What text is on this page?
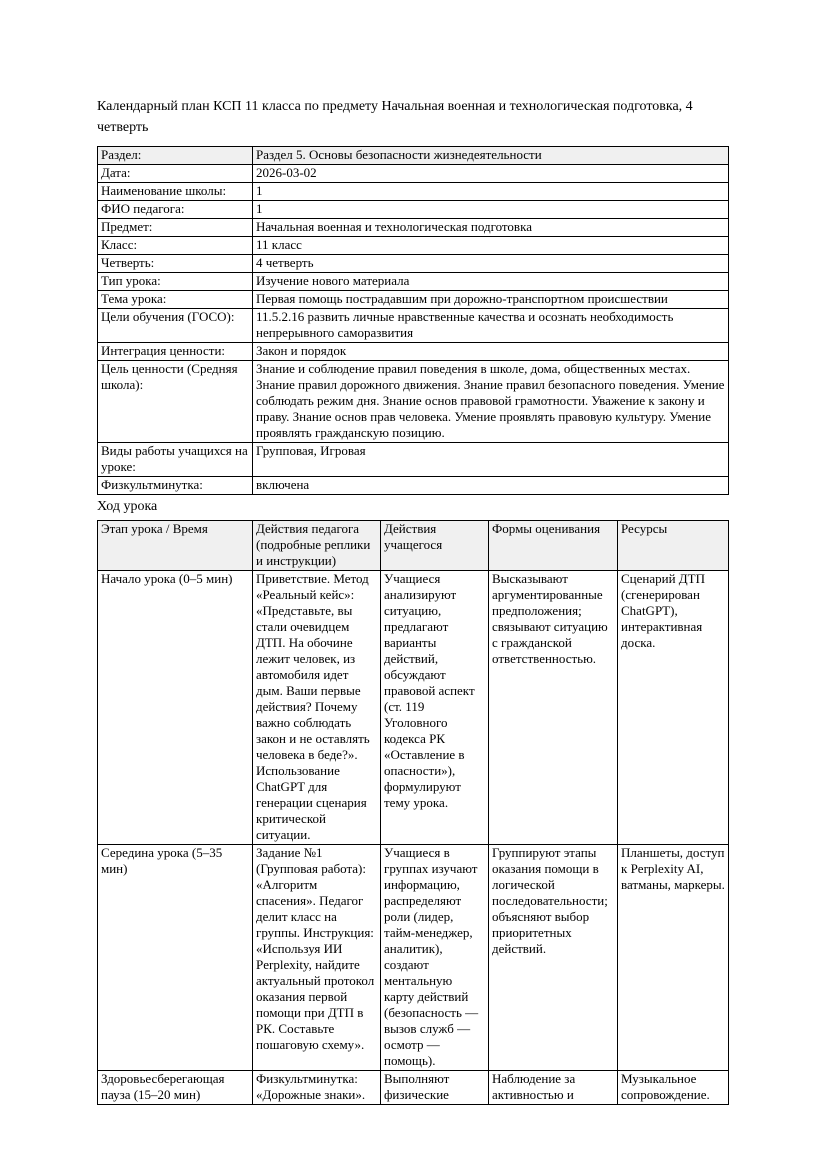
Календарный план КСП 11 класса по предмету Начальная военная и технологическая подготовка, 4 четверть

Раздел:	Раздел 5. Основы безопасности жизнедеятельности
Дата:	2026-03-02
Наименование школы:	1
ФИО педагога:	1
Предмет:	Начальная военная и технологическая подготовка
Класс:	11 класс
Четверть:	4 четверть
Тип урока:	Изучение нового материала
Тема урока:	Первая помощь пострадавшим при дорожно-транспортном происшествии
Цели обучения (ГОСО):	11.5.2.16 развить личные нравственные качества и осознать необходимость непрерывного саморазвития
Интеграция ценности:	Закон и порядок
Цель ценности (Средняя школа):	Знание и соблюдение правил поведения в школе, дома, общественных местах. Знание правил дорожного движения. Знание правил безопасного поведения. Умение соблюдать режим дня. Знание основ правовой грамотности. Уважение к закону и праву. Знание основ прав человека. Умение проявлять правовую культуру. Умение проявлять гражданскую позицию.
Виды работы учащихся на уроке:	Групповая, Игровая
Физкультминутка:	включена

Ход урока

Этап урока / Время	Действия педагога (подробные реплики и инструкции)	Действия учащегося	Формы оценивания	Ресурсы
Начало урока (0–5 мин)	Приветствие. Метод «Реальный кейс»: «Представьте, вы стали очевидцем ДТП. На обочине лежит человек, из автомобиля идет дым. Ваши первые действия? Почему важно соблюдать закон и не оставлять человека в беде?». Использование ChatGPT для генерации сценария критической ситуации.	Учащиеся анализируют ситуацию, предлагают варианты действий, обсуждают правовой аспект (ст. 119 Уголовного кодекса РК «Оставление в опасности»), формулируют тему урока.	Высказывают аргументированные предположения; связывают ситуацию с гражданской ответственностью.	Сценарий ДТП (сгенерирован ChatGPT), интерактивная доска.
Середина урока (5–35 мин)	Задание №1 (Групповая работа): «Алгоритм спасения». Педагог делит класс на группы. Инструкция: «Используя ИИ Perplexity, найдите актуальный протокол оказания первой помощи при ДТП в РК. Составьте пошаговую схему».	Учащиеся в группах изучают информацию, распределяют роли (лидер, тайм-менеджер, аналитик), создают ментальную карту действий (безопасность — вызов служб — осмотр — помощь).	Группируют этапы оказания помощи в логической последовательности; объясняют выбор приоритетных действий.	Планшеты, доступ к Perplexity AI, ватманы, маркеры.
Здоровьесберегающая пауза (15–20 мин)	Физкультминутка: «Дорожные знаки».	Выполняют физические	Наблюдение за активностью и	Музыкальное сопровождение.
